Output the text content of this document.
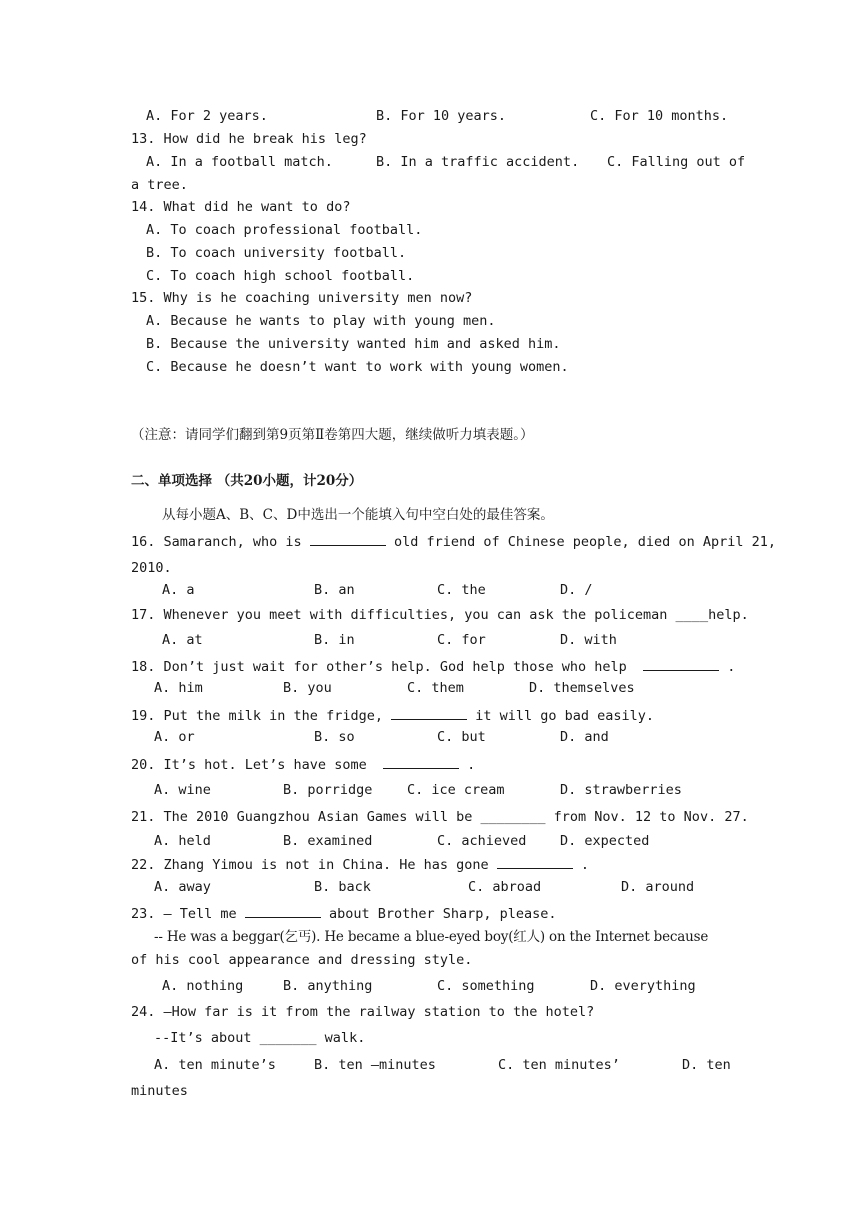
A. For 2 years.	B. For 10 years.	C. For 10 months.
13. How did he break his leg?
A. In a football match.	B. In a traffic accident. C. Falling out of
a tree.
14. What did he want to do?
A. To coach professional football.
B. To coach university football.
C. To coach high school football.
15. Why is he coaching university men now?
A. Because he wants to play with young men.
B. Because the university wanted him and asked him.
C. Because he doesn’t want to work with young women.
（注意：请同学们翻到第9页第Ⅱ卷第四大题，继续做听力填表题。）
二、单项选择 （共20小题，计20分）
从每小题A、B、C、D中选出一个能填入句中空白处的最佳答案。
16. Samaranch, who is	old friend of Chinese people, died on April 21,
2010.
A. a	B. an	C. the	D. /
17. Whenever you meet with difficulties, you can ask the policeman ____help.
A. at	B. in	C. for	D. with
18. Don’t just wait for other’s help. God help those who help	.
A. him	B. you	C. them	D. themselves
19. Put the milk in the fridge,	it will go bad easily.
A. or	B. so	C. but	D. and
20. It’s hot. Let’s have some	.
A. wine	B. porridge	C. ice cream	D. strawberries
21. The 2010 Guangzhou Asian Games will be ________ from Nov. 12 to Nov. 27.
A. held	B. examined	C. achieved D. expected
22. Zhang Yimou is not in China. He has gone	.
A. away	B. back	C. abroad	D. around
23. – Tell me	about Brother Sharp, please.
-- He was a beggar(乞丐). He became a blue-eyed boy(红人) on the Internet because
of his cool appearance and dressing style.
A. nothing	B. anything	C. something	D. everything
24. –How far is it from the railway station to the hotel?
--It’s about _______ walk.
A. ten minute’s	B. ten –minutes	C. ten minutes’	D. ten
minutes
